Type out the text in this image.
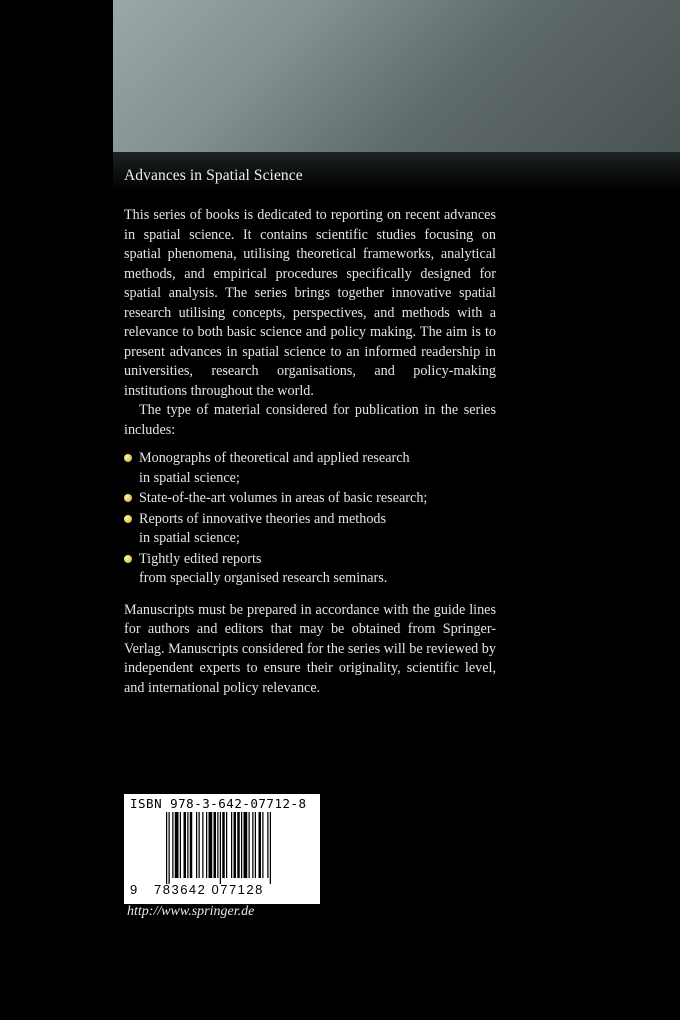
Advances in Spatial Science

This series of books is dedicated to reporting on recent advances in spatial science. It contains scientific studies focusing on spatial phenomena, utilising theoretical frameworks, analytical methods, and empirical procedures specifically designed for spatial analysis. The series brings together innovative spatial research utilising concepts, perspectives, and methods with a relevance to both basic science and policy making. The aim is to present advances in spatial science to an informed readership in universities, research organisations, and policy-making institutions throughout the world.

The type of material considered for publication in the series includes:

Monographs of theoretical and applied research
in spatial science;
State-of-the-art volumes in areas of basic research;
Reports of innovative theories and methods
in spatial science;
Tightly edited reports
from specially organised research seminars.

Manuscripts must be prepared in accordance with the guide lines for authors and editors that may be obtained from Springer-Verlag. Manuscripts considered for the series will be reviewed by independent experts to ensure their originality, scientific level, and international policy relevance.

ISBN 978-3-642-07712-8
9 783642 077128
http://www.springer.de
